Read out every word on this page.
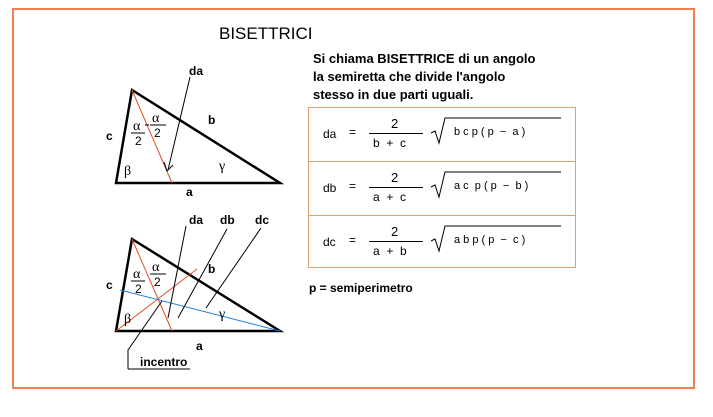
BISETTRICI
Si chiama BISETTRICE di un angolo
la semiretta che divide l'angolo
stesso in due parti uguali.
da =
2
b  +  c
b c p ( p  −  a )
db =
2
a  +  c
a c  p ( p  −  b )
dc =
2
a  +  b
a b p ( p  −  c )
p = semiperimetro
α
2
α
2
β	γ
da
b
c
a
α
2
α
2
β	γ
da db dc
b
c
a
incentro
